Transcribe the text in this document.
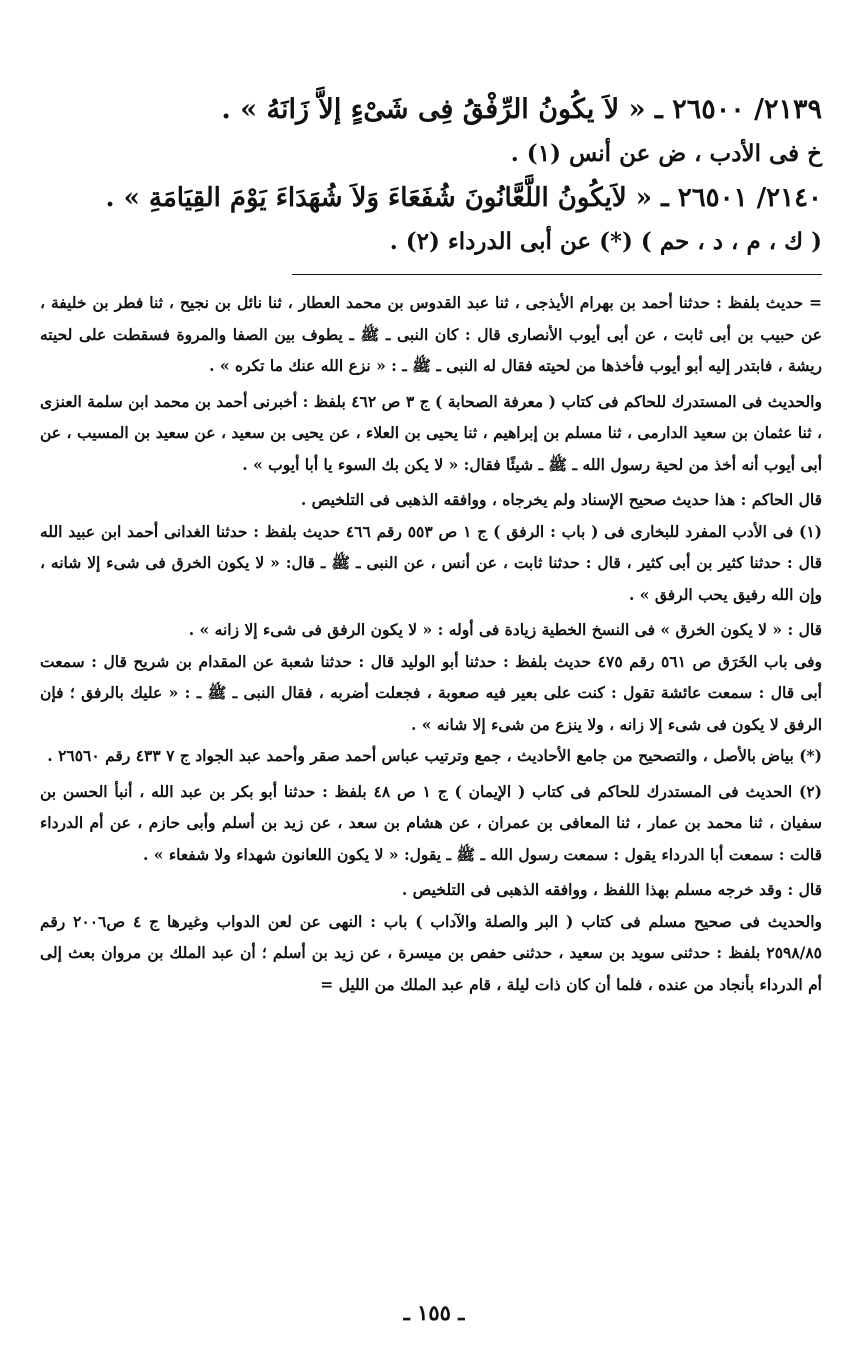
٢١٣٩/ ٢٦٥٠٠ ـ « لاَ يكُونُ الرِّفْقُ فِى شَىْءٍ إلاَّ زَانَهُ » .

خ فى الأدب ، ض عن أنس (١) .

٢١٤٠/ ٢٦٥٠١ ـ « لاَيكُونُ اللَّعَّانُونَ شُفَعَاءَ وَلاَ شُهَدَاءَ يَوْمَ القِيَامَةِ » .

( ك ، م ، د ، حم ) (*) عن أبى الدرداء (٢) .

= حديث بلفظ : حدثنا أحمد بن بهرام الأيذجى ، ثنا عبد القدوس بن محمد العطار ، ثنا نائل بن نجيح ، ثنا فطر بن خليفة ، عن حبيب بن أبى ثابت ، عن أبى أيوب الأنصارى قال : كان النبى ـ ﷺ ـ يطوف بين الصفا والمروة فسقطت على لحيته ريشة ، فابتدر إليه أبو أيوب فأخذها من لحيته فقال له النبى ـ ﷺ ـ : « نزع الله عنك ما تكره » .

والحديث فى المستدرك للحاكم فى كتاب ( معرفة الصحابة ) ج ٣ ص ٤٦٢ بلفظ : أخبرنى أحمد بن محمد ابن سلمة العنزى ، ثنا عثمان بن سعيد الدارمى ، ثنا مسلم بن إبراهيم ، ثنا يحيى بن العلاء ، عن يحيى بن سعيد ، عن سعيد بن المسيب ، عن أبى أيوب أنه أخذ من لحية رسول الله ـ ﷺ ـ شيئًا فقال: « لا يكن بك السوء يا أبا أيوب » .

قال الحاكم : هذا حديث صحيح الإسناد ولم يخرجاه ، ووافقه الذهبى فى التلخيص .

(١) فى الأدب المفرد للبخارى فى ( باب : الرفق ) ج ١ ص ٥٥٣ رقم ٤٦٦ حديث بلفظ : حدثنا الغدانى أحمد ابن عبيد الله قال : حدثنا كثير بن أبى كثير ، قال : حدثنا ثابت ، عن أنس ، عن النبى ـ ﷺ ـ قال: « لا يكون الخرق فى شىء إلا شانه ، وإن الله رفيق يحب الرفق » .

قال : « لا يكون الخرق » فى النسخ الخطية زيادة فى أوله : « لا يكون الرفق فى شىء إلا زانه » .

وفى باب الخَرَق ص ٥٦١ رقم ٤٧٥ حديث بلفظ : حدثنا أبو الوليد قال : حدثنا شعبة عن المقدام بن شريح قال : سمعت أبى قال : سمعت عائشة تقول : كنت على بعير فيه صعوبة ، فجعلت أضربه ، فقال النبى ـ ﷺ ـ : « عليك بالرفق ؛ فإن الرفق لا يكون فى شىء إلا زانه ، ولا ينزع من شىء إلا شانه » .

(*) بياض بالأصل ، والتصحيح من جامع الأحاديث ، جمع وترتيب عباس أحمد صقر وأحمد عبد الجواد ج ٧ ٤٣٣ رقم ٢٦٥٦٠ .

(٢) الحديث فى المستدرك للحاكم فى كتاب ( الإيمان ) ج ١ ص ٤٨ بلفظ : حدثنا أبو بكر بن عبد الله ، أنبأ الحسن بن سفيان ، ثنا محمد بن عمار ، ثنا المعافى بن عمران ، عن هشام بن سعد ، عن زيد بن أسلم وأبى حازم ، عن أم الدرداء قالت : سمعت أبا الدرداء يقول : سمعت رسول الله ـ ﷺ ـ يقول: « لا يكون اللعانون شهداء ولا شفعاء » .

قال : وقد خرجه مسلم بهذا اللفظ ، ووافقه الذهبى فى التلخيص .

والحديث فى صحيح مسلم فى كتاب ( البر والصلة والآداب ) باب : النهى عن لعن الدواب وغيرها ج ٤ ص٢٠٠٦ رقم ٢٥٩٨/٨٥ بلفظ : حدثنى سويد بن سعيد ، حدثنى حفص بن ميسرة ، عن زيد بن أسلم ؛ أن عبد الملك بن مروان بعث إلى أم الدرداء بأنجاد من عنده ، فلما أن كان ذات ليلة ، قام عبد الملك من الليل =

ـ ١٥٥ ـ
